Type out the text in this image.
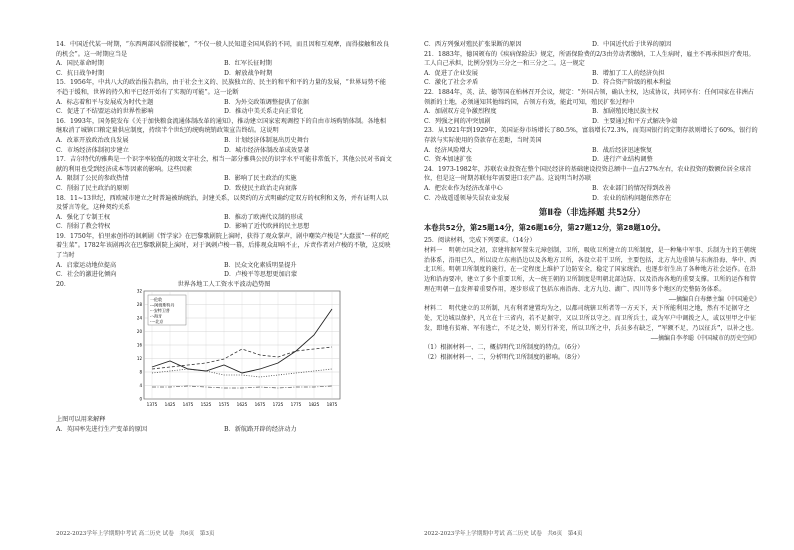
14．中国近代某一时期，“东西两部风俗將接触”，“不仅一般人民知道全国风俗的不同，而且因和互观摩，而得接触和改良的机会”。这一时期应当是

A．国民革命时期	B．红军长征时期
C．抗日战争时期	D．解放战争时期

15．1956年，中共八大的政治报告指出，由于社会主义的、民族独立的、民主的和平和平的力量的发展，“世界局势不能不趋于缓和，世界的持久和平已经开始有了实现的可能”。这一论断

A．标志着和平与发展成为时代主题	B．为外交政策调整提供了依据
C．促进了不结盟运动的世界性影响	D．推动中美关系走向正常化

16．1993年，国务院发布《关于加快粮食流通体制改革的通知》，推动建立国家宏观调控下的自由市场购销体制。各地相继取消了城镇口粮定量供应制度，持续半个世纪的统购统销政策宣告终结。这说明

A．改革开放政治改良发展	B．计划经济体制退出历史舞台
C．市场经济体制初步建立	D．城市经济体制改革成效显著

17．吉尔特代的雅典是一个识字率较低的初级文字社会，相当一部分雅典公民的识字水平可能非常低下，其他公民对书面文献的利用也受到经济成本等因素的影响。这些因素

A．限制了公民的参政热情	B．影响了民主政治的实施
C．削弱了民主政治的原则	D．致使民主政治走向衰落

18．11~13世纪，西欧城市建立之时普遍被纳统治，封建关系，以契约的方式明确约定双方的权利和义务，并有证明人以及誓言等化，这种契约关系

A．强化了专制王权	B．推动了欧洲代议制的形成
C．削弱了教会特权	D．影响了近代欧洲的民主思想

19．1750年，伯里索创作的讽刺剧《哲学家》在巴黎歌剧院上演时，获得了观众掌声，剧中嘲笑卢梭是“大蠢蛋”一样的吃着生菜”。1782年该剧再次在巴黎歌剧院上演时，对于讽刺卢梭一幕，后排观众却响不止，斥责作者对卢梭的不敬，这反映了当时

A．启蒙运动地位提高	B．民众文化素质明显提升
C．社会的激进化倾向	D．卢梭平等思想更加启蒙
20．	世界各地工人工资水平波动趋势图

0
4
8
12
16
20
24
28
32
1375 1425 1475 1525 1575 1625 1675 1725 1775 1825 1875
一伦敦
---阿姆斯特丹
···安特卫普
-·-海牙
-··-北京

上图可以用来解释

A．英国率先进行生产变革的原因	B．新航路开辟的经济动力
C．西方列强对殖民扩张果断的原因	D．中国近代后于世界的原因

21．1883年，德国颁布的《疾病保险法》规定，所需保险费的2/3由劳动者缴纳，工人生病时，雇主不再承担医疗费用。工人自己承担，比例分别为三分之一和三分之二。这一规定

A．促进了企业发展	B．增加了工人的经济负担
C．激化了社会矛盾	D．符合资产阶级的根本利益

22．1884年，英、法、德等国在柏林召开会议，规定：“外国占领，确认主权，达成协议，共同享有：任何国家在非洲占领新的土地，必须通知其他缔约国，占领方有效，能此可知，殖民扩张过程中

A．加剧双方竞争激烈程度	B．加剧殖民地民族主权
C．列强之间的冲突加剧	D．主要通过和平方式解决争端

23．从1921年到1929年，美国证券市场增长了80.5%，富翁增长72.3%，而美国银行的定期存款则增长了60%，银行的存款与实际使用的贷款存在差距，当时美国

A．经济风险增大	B．战后经济迅速恢复
C．资本加速扩张	D．进行产业结构调整

24．1973-1982年，苏联农业投资在整个国民经济的基础建设投资总额中一直占27%左右，农业投资的数额位居全球首位，但是这一时期苏联每年需要进口农产品。这说明当时苏联

A．把农业作为经济改革中心	B．农业部门的情况得到改善
C．冷战遥遥领导失误农业发展	D．农业的结构问题依然存在

第Ⅱ卷（非选择题 共52分）

本卷共52分，第25题14分，第26题16分，第27题12分，第28题10分。

25．阅读材料，完成下列要求。（14分）

材料一　明朝立国之初，京建将据军置朱元璋创制，卫所，吸收卫所建立的卫所制度，是一种集中军事、兵制为主的王朝统治体系，沿用已久，所以设立东南沿边以及各地方卫所，各设立若干卫所，主要包括，北方九边重镇与东南沿海、华中、西北卫所。明朝卫所制度的施行，在一定程度上维护了边防安全，稳定了国家统治，也逐步衍生出了各种地方社会运作。在沿边和沿海要冲，建立了多个重要卫所，大一统王朝的卫所制度是明朝北部边防、以及沿海各地的重要支撑。卫所的运作和管理在明朝一直发挥着重要作用，逐步形成了包括东南沿海、北方九边、湖广、四川等多个地区的完整防务体系。

——摘编自白寿彝主编《中国通史》

材料二　明代建立的卫所制，凡有利者建置均为之，以都司统辖卫所者等一方天下，天下所能利用之地，然有不足据守之处，无边城以保护，凡立在十三省内，若不足据守，又以卫所以守之。而卫所兵士，或为军户中调拨之人，或以里甲之中征发，即地有贫瘠、军有逃亡，不足之处，则另行补充，所以卫所之中，兵员多有缺乏，“军额不足，乃以征兵”，以补之也。

——摘编自李孝聪《中国城市的历史空间》

（1）根据材料一、二，概括明代卫所制度的特点。（6分）

（2）根据材料一、二，分析明代卫所制度的影响。（8分）

2022-2023学年上学期期中考试 高二历史 试卷　共6页　第3页	2022-2023学年上学期期中考试 高二历史 试卷　共6页　第4页
